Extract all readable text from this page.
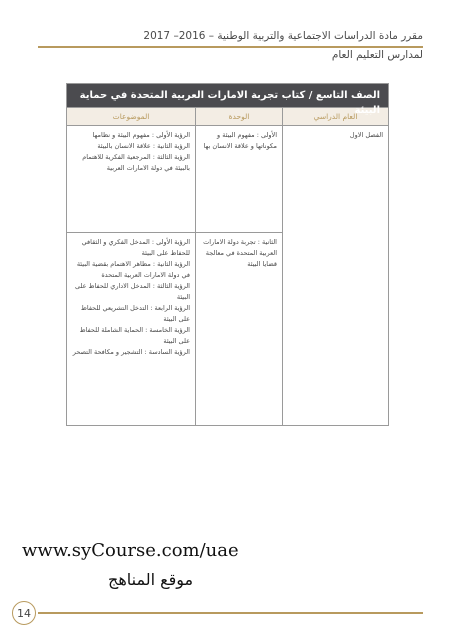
مقرر مادة الدراسات الاجتماعية والتربية الوطنية – 2016– 2017
لمدارس التعليم العام
الصف التاسع / كتاب تجربة الامارات العربية المتحدة في حماية البيئة
العام الدراسي
الوحدة
الموضوعات
الفصل الاول
الأولى : مفهوم البيئة و مكوناتها و علاقة الانسان بها
الثانية : تجربة دولة الامارات العربية المتحدة في معالجة قضايا البيئة

الرؤية الأولى : مفهوم البيئة و نظامها

الرؤية الثانية : علاقة الانسان بالبيئة

الرؤية الثالثة : المرجعية الفكرية للاهتمام بالبيئة في دولة الامارات العربية

الرؤية الأولى : المدخل الفكري و الثقافي للحفاظ على البيئة

الرؤية الثانية : مظاهر الاهتمام بقضية البيئة في دولة الامارات العربية المتحدة

الرؤية الثالثة : المدخل الاداري للحفاظ على البيئة

الرؤية الرابعة : التدخل التشريعي للحفاظ على البيئة

الرؤية الخامسة : الحماية الشاملة للحفاظ على البيئة

الرؤية السادسة : التشجير و مكافحة التصحر

www.syCourse.com/uae
موقع المناهج
14
